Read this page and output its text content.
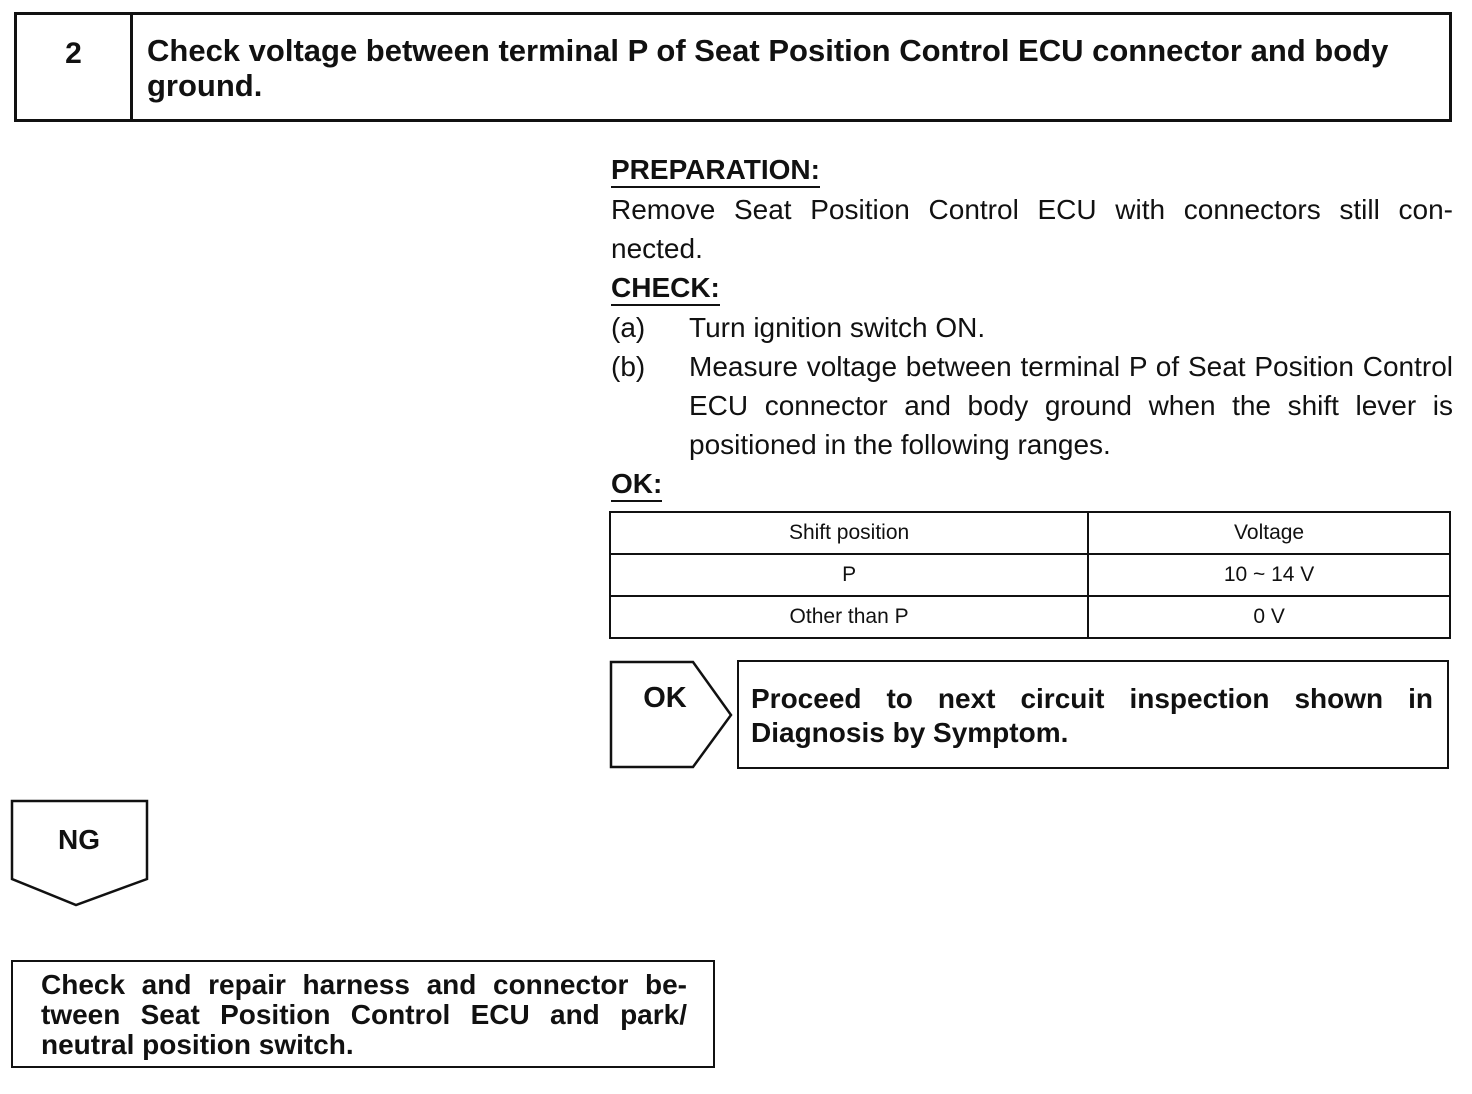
2	Check voltage between terminal P of Seat Position Control ECU connector and body ground.
PREPARATION:
Remove Seat Position Control ECU with connectors still con-nected.
CHECK:
(a)	Turn ignition switch ON.
(b)	Measure voltage between terminal P of Seat Position Control ECU connector and body ground when the shift lever is positioned in the following ranges.
OK:
Shift position	Voltage
P	10 ~ 14 V
Other than P	0 V
OK	Proceed to next circuit inspection shown in Diagnosis by Symptom.
NG
Check and repair harness and connector be-tween Seat Position Control ECU and park/ neutral position switch.
